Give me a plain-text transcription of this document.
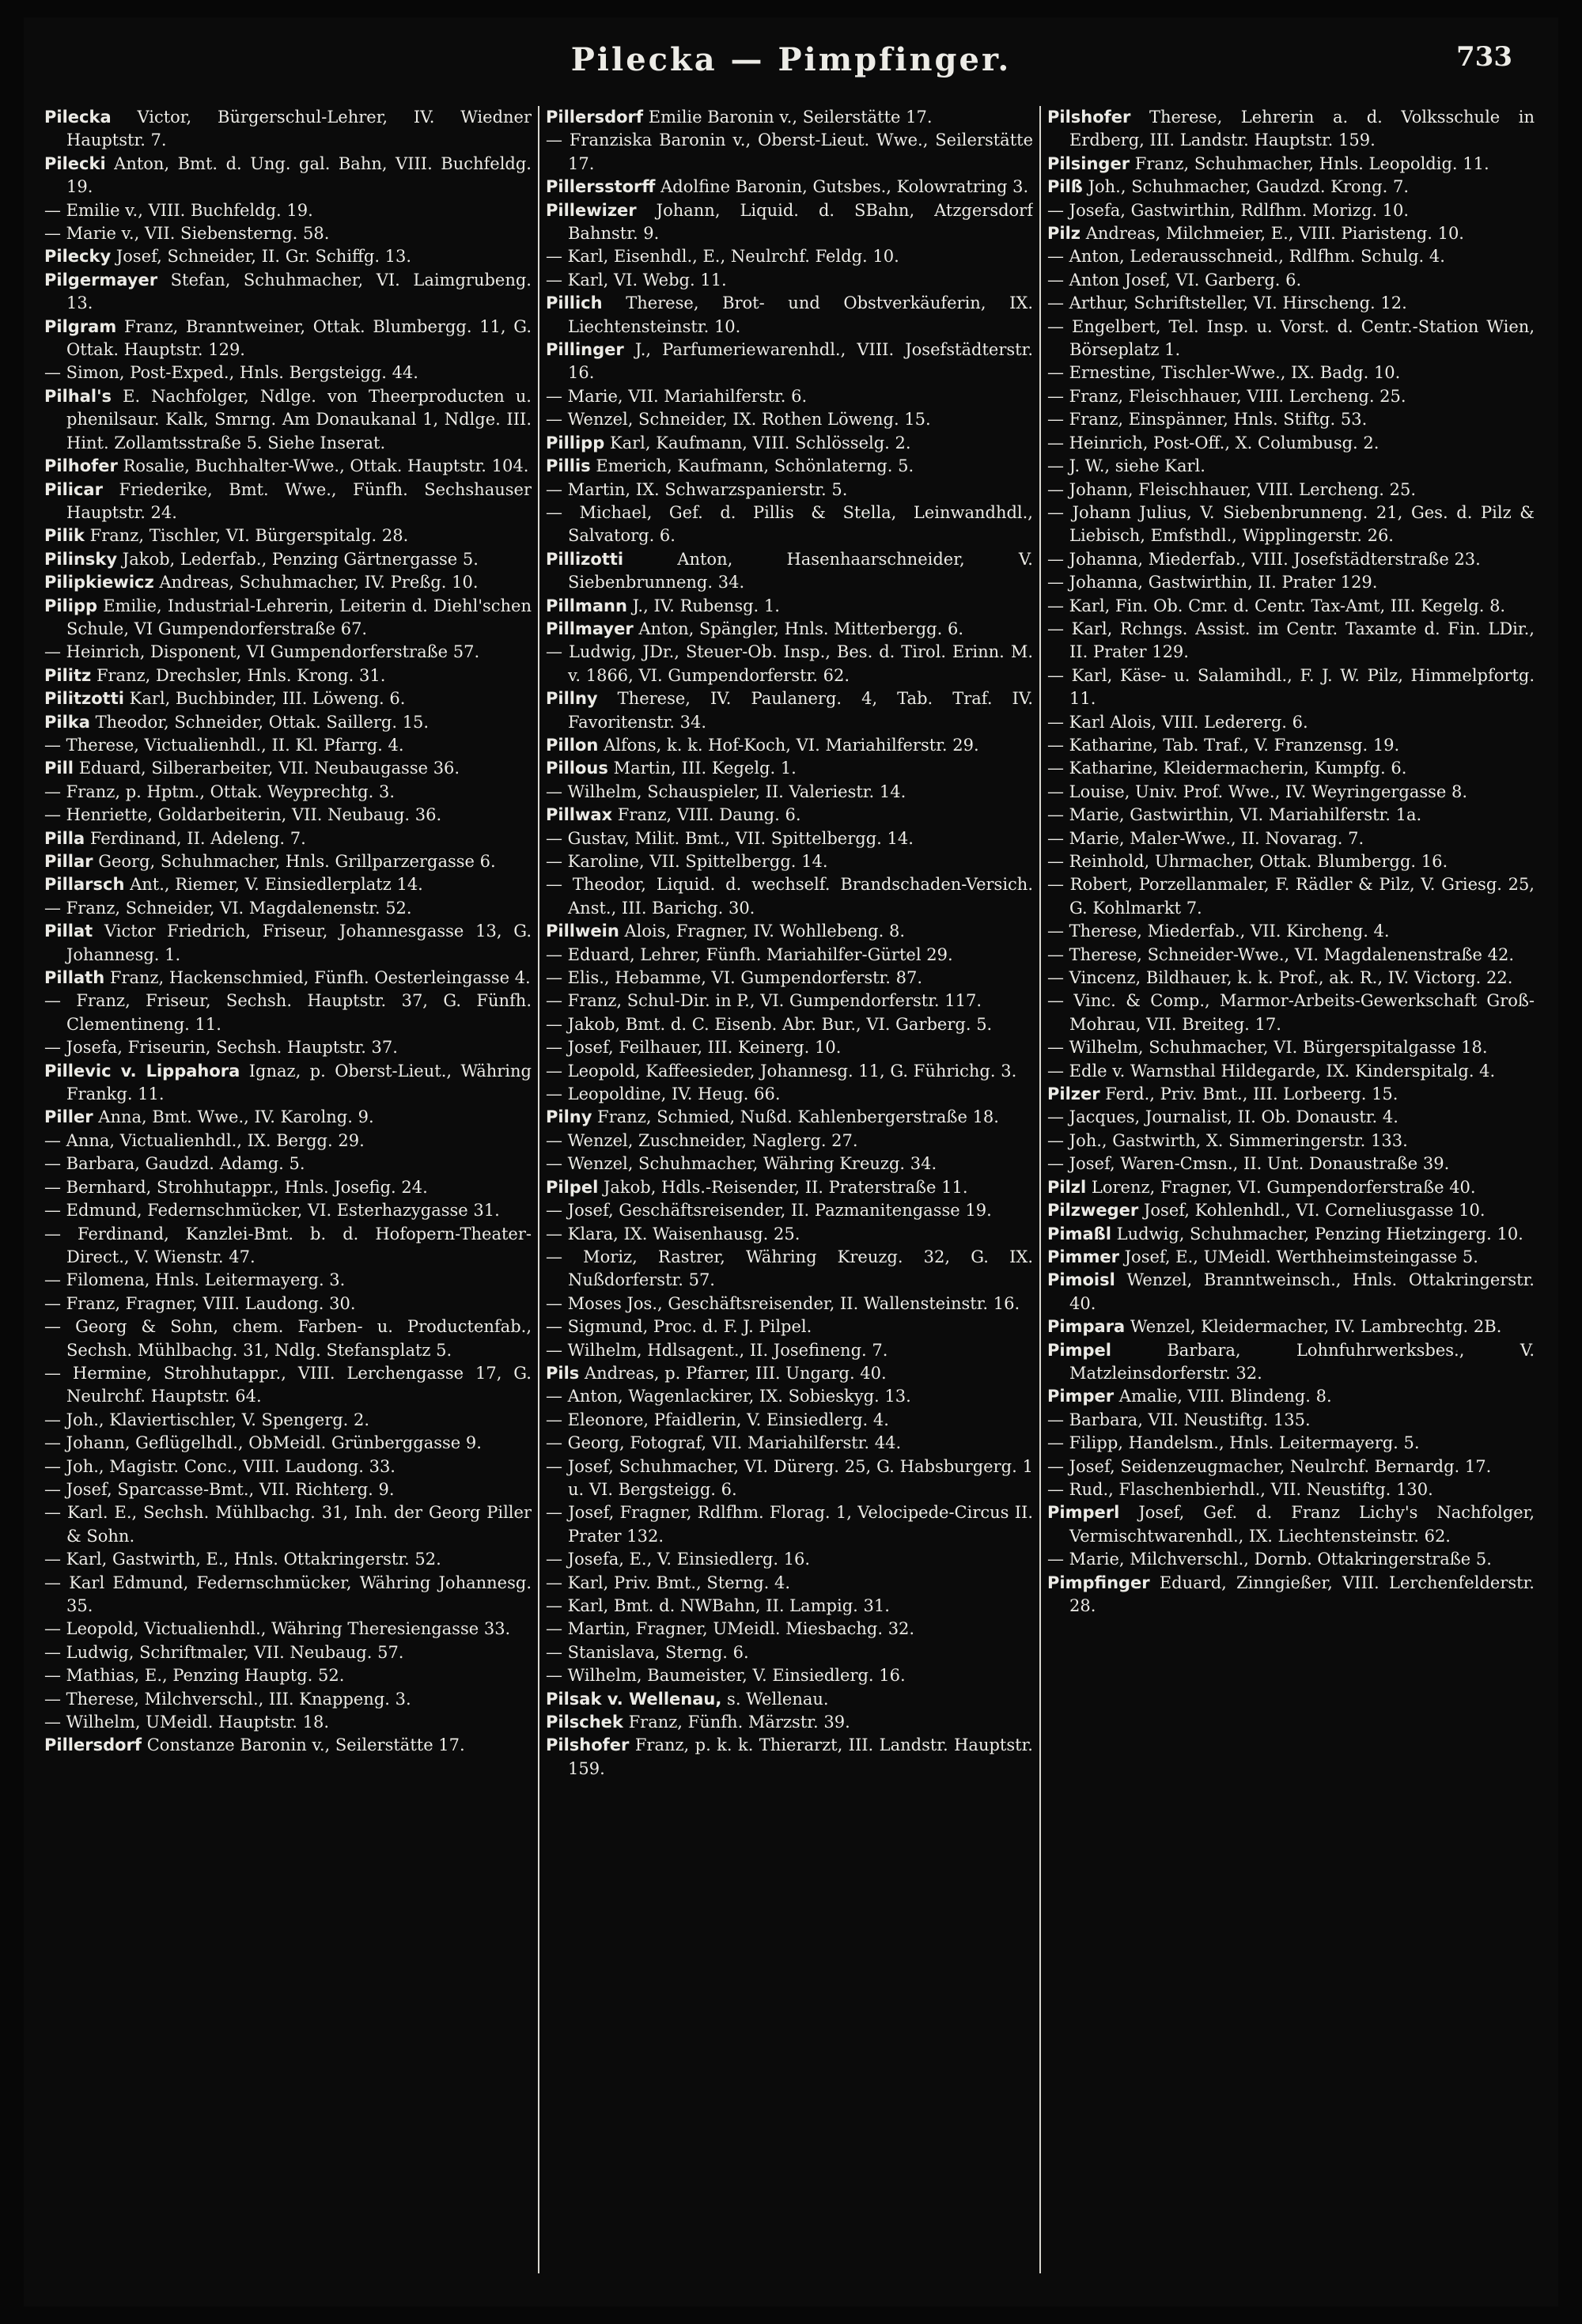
Pilecka — Pimpfinger.	733

Pilecka Victor, Bürgerschul-Lehrer, IV. Wiedner Hauptstr. 7.

Pilecki Anton, Bmt. d. Ung. gal. Bahn, VIII. Buchfeldg. 19.

— Emilie v., VIII. Buchfeldg. 19.

— Marie v., VII. Siebensterng. 58.

Pilecky Josef, Schneider, II. Gr. Schiffg. 13.

Pilgermayer Stefan, Schuhmacher, VI. Laimgrubeng. 13.

Pilgram Franz, Branntweiner, Ottak. Blumbergg. 11, G. Ottak. Hauptstr. 129.

— Simon, Post-Exped., Hnls. Bergsteigg. 44.

Pilhal's E. Nachfolger, Ndlge. von Theerproducten u. phenilsaur. Kalk, Smrng. Am Donaukanal 1, Ndlge. III. Hint. Zollamtsstraße 5. Siehe Inserat.

Pilhofer Rosalie, Buchhalter-Wwe., Ottak. Hauptstr. 104.

Pilicar Friederike, Bmt. Wwe., Fünfh. Sechshauser Hauptstr. 24.

Pilik Franz, Tischler, VI. Bürgerspitalg. 28.

Pilinsky Jakob, Lederfab., Penzing Gärtnergasse 5.

Pilipkiewicz Andreas, Schuhmacher, IV. Preßg. 10.

Pilipp Emilie, Industrial-Lehrerin, Leiterin d. Diehl'schen Schule, VI Gumpendorferstraße 67.

— Heinrich, Disponent, VI Gumpendorferstraße 57.

Pilitz Franz, Drechsler, Hnls. Krong. 31.

Pilitzotti Karl, Buchbinder, III. Löweng. 6.

Pilka Theodor, Schneider, Ottak. Saillerg. 15.

— Therese, Victualienhdl., II. Kl. Pfarrg. 4.

Pill Eduard, Silberarbeiter, VII. Neubaugasse 36.

— Franz, p. Hptm., Ottak. Weyprechtg. 3.

— Henriette, Goldarbeiterin, VII. Neubaug. 36.

Pilla Ferdinand, II. Adeleng. 7.

Pillar Georg, Schuhmacher, Hnls. Grillparzergasse 6.

Pillarsch Ant., Riemer, V. Einsiedlerplatz 14.

— Franz, Schneider, VI. Magdalenenstr. 52.

Pillat Victor Friedrich, Friseur, Johannesgasse 13, G. Johannesg. 1.

Pillath Franz, Hackenschmied, Fünfh. Oesterleingasse 4.

— Franz, Friseur, Sechsh. Hauptstr. 37, G. Fünfh. Clementineng. 11.

— Josefa, Friseurin, Sechsh. Hauptstr. 37.

Pillevic v. Lippahora Ignaz, p. Oberst-Lieut., Währing Frankg. 11.

Piller Anna, Bmt. Wwe., IV. Karolng. 9.

— Anna, Victualienhdl., IX. Bergg. 29.

— Barbara, Gaudzd. Adamg. 5.

— Bernhard, Strohhutappr., Hnls. Josefig. 24.

— Edmund, Federnschmücker, VI. Esterhazygasse 31.

— Ferdinand, Kanzlei-Bmt. b. d. Hofopern-Theater-Direct., V. Wienstr. 47.

— Filomena, Hnls. Leitermayerg. 3.

— Franz, Fragner, VIII. Laudong. 30.

— Georg & Sohn, chem. Farben- u. Productenfab., Sechsh. Mühlbachg. 31, Ndlg. Stefansplatz 5.

— Hermine, Strohhutappr., VIII. Lerchengasse 17, G. Neulrchf. Hauptstr. 64.

— Joh., Klaviertischler, V. Spengerg. 2.

— Johann, Geflügelhdl., ObMeidl. Grünberggasse 9.

— Joh., Magistr. Conc., VIII. Laudong. 33.

— Josef, Sparcasse-Bmt., VII. Richterg. 9.

— Karl. E., Sechsh. Mühlbachg. 31, Inh. der Georg Piller & Sohn.

— Karl, Gastwirth, E., Hnls. Ottakringerstr. 52.

— Karl Edmund, Federnschmücker, Währing Johannesg. 35.

— Leopold, Victualienhdl., Währing Theresiengasse 33.

— Ludwig, Schriftmaler, VII. Neubaug. 57.

— Mathias, E., Penzing Hauptg. 52.

— Therese, Milchverschl., III. Knappeng. 3.

— Wilhelm, UMeidl. Hauptstr. 18.

Pillersdorf Constanze Baronin v., Seilerstätte 17.

Pillersdorf Emilie Baronin v., Seilerstätte 17.

— Franziska Baronin v., Oberst-Lieut. Wwe., Seilerstätte 17.

Pillersstorff Adolfine Baronin, Gutsbes., Kolowratring 3.

Pillewizer Johann, Liquid. d. SBahn, Atzgersdorf Bahnstr. 9.

— Karl, Eisenhdl., E., Neulrchf. Feldg. 10.

— Karl, VI. Webg. 11.

Pillich Therese, Brot- und Obstverkäuferin, IX. Liechtensteinstr. 10.

Pillinger J., Parfumeriewarenhdl., VIII. Josefstädterstr. 16.

— Marie, VII. Mariahilferstr. 6.

— Wenzel, Schneider, IX. Rothen Löweng. 15.

Pillipp Karl, Kaufmann, VIII. Schlösselg. 2.

Pillis Emerich, Kaufmann, Schönlaterng. 5.

— Martin, IX. Schwarzspanierstr. 5.

— Michael, Gef. d. Pillis & Stella, Leinwandhdl., Salvatorg. 6.

Pillizotti	Anton, Hasenhaarschneider, V. Siebenbrunneng. 34.

Pillmann J., IV. Rubensg. 1.

Pillmayer Anton, Spängler, Hnls. Mitterbergg. 6.

— Ludwig, JDr., Steuer-Ob. Insp., Bes. d. Tirol. Erinn. M. v. 1866, VI. Gumpendorferstr. 62.

Pillny Therese, IV. Paulanerg. 4, Tab. Traf. IV. Favoritenstr. 34.

Pillon Alfons, k. k. Hof-Koch, VI. Mariahilferstr. 29.

Pillous Martin, III. Kegelg. 1.

— Wilhelm, Schauspieler, II. Valeriestr. 14.

Pillwax Franz, VIII. Daung. 6.

— Gustav, Milit. Bmt., VII. Spittelbergg. 14.

— Karoline, VII. Spittelbergg. 14.

— Theodor, Liquid. d. wechself. Brandschaden-Versich. Anst., III. Barichg. 30.

Pillwein Alois, Fragner, IV. Wohllebeng. 8.

— Eduard, Lehrer, Fünfh. Mariahilfer-Gürtel 29.

— Elis., Hebamme, VI. Gumpendorferstr. 87.

— Franz, Schul-Dir. in P., VI. Gumpendorferstr. 117.

— Jakob, Bmt. d. C. Eisenb. Abr. Bur., VI. Garberg. 5.

— Josef, Feilhauer, III. Keinerg. 10.

— Leopold, Kaffeesieder, Johannesg. 11, G. Führichg. 3.

— Leopoldine, IV. Heug. 66.

Pilny Franz, Schmied, Nußd. Kahlenbergerstraße 18.

— Wenzel, Zuschneider, Naglerg. 27.

— Wenzel, Schuhmacher, Währing Kreuzg. 34.

Pilpel Jakob, Hdls.-Reisender, II. Praterstraße 11.

— Josef, Geschäftsreisender, II. Pazmanitengasse 19.

— Klara, IX. Waisenhausg. 25.

— Moriz, Rastrer, Währing Kreuzg. 32, G. IX. Nußdorferstr. 57.

— Moses Jos., Geschäftsreisender, II. Wallensteinstr. 16.

— Sigmund, Proc. d. F. J. Pilpel.

— Wilhelm, Hdlsagent., II. Josefineng. 7.

Pils Andreas, p. Pfarrer, III. Ungarg. 40.

— Anton, Wagenlackirer, IX. Sobieskyg. 13.

— Eleonore, Pfaidlerin, V. Einsiedlerg. 4.

— Georg, Fotograf, VII. Mariahilferstr. 44.

— Josef, Schuhmacher, VI. Dürerg. 25, G. Habsburgerg. 1 u. VI. Bergsteigg. 6.

— Josef, Fragner, Rdlfhm. Florag. 1, Velocipede-Circus II. Prater 132.

— Josefa, E., V. Einsiedlerg. 16.

— Karl, Priv. Bmt., Sterng. 4.

— Karl, Bmt. d. NWBahn, II. Lampig. 31.

— Martin, Fragner, UMeidl. Miesbachg. 32.

— Stanislava, Sterng. 6.

— Wilhelm, Baumeister, V. Einsiedlerg. 16.

Pilsak v. Wellenau, s. Wellenau.

Pilschek Franz, Fünfh. Märzstr. 39.

Pilshofer Franz, p. k. k. Thierarzt, III. Landstr. Hauptstr. 159.

Pilshofer Therese, Lehrerin a. d. Volksschule in Erdberg, III. Landstr. Hauptstr. 159.

Pilsinger Franz, Schuhmacher, Hnls. Leopoldig. 11.

Pilß Joh., Schuhmacher, Gaudzd. Krong. 7.

— Josefa, Gastwirthin, Rdlfhm. Morizg. 10.

Pilz Andreas, Milchmeier, E., VIII. Piaristeng. 10.

— Anton, Lederausschneid., Rdlfhm. Schulg. 4.

— Anton Josef, VI. Garberg. 6.

— Arthur, Schriftsteller, VI. Hirscheng. 12.

— Engelbert, Tel. Insp. u. Vorst. d. Centr.-Station Wien, Börseplatz 1.

— Ernestine, Tischler-Wwe., IX. Badg. 10.

— Franz, Fleischhauer, VIII. Lercheng. 25.

— Franz, Einspänner, Hnls. Stiftg. 53.

— Heinrich, Post-Off., X. Columbusg. 2.

— J. W., siehe Karl.

— Johann, Fleischhauer, VIII. Lercheng. 25.

— Johann Julius, V. Siebenbrunneng. 21, Ges. d. Pilz & Liebisch, Emfsthdl., Wipplingerstr. 26.

— Johanna, Miederfab., VIII. Josefstädterstraße 23.

— Johanna, Gastwirthin, II. Prater 129.

— Karl, Fin. Ob. Cmr. d. Centr. Tax-Amt, III. Kegelg. 8.

— Karl, Rchngs. Assist. im Centr. Taxamte d. Fin. LDir., II. Prater 129.

— Karl, Käse- u. Salamihdl., F. J. W. Pilz, Himmelpfortg. 11.

— Karl Alois, VIII. Ledererg. 6.

— Katharine, Tab. Traf., V. Franzensg. 19.

— Katharine, Kleidermacherin, Kumpfg. 6.

— Louise, Univ. Prof. Wwe., IV. Weyringergasse 8.

— Marie, Gastwirthin, VI. Mariahilferstr. 1a.

— Marie, Maler-Wwe., II. Novarag. 7.

— Reinhold, Uhrmacher, Ottak. Blumbergg. 16.

— Robert, Porzellanmaler, F. Rädler & Pilz, V. Griesg. 25, G. Kohlmarkt 7.

— Therese, Miederfab., VII. Kircheng. 4.

— Therese, Schneider-Wwe., VI. Magdalenenstraße 42.

— Vincenz, Bildhauer, k. k. Prof., ak. R., IV. Victorg. 22.

— Vinc. & Comp., Marmor-Arbeits-Gewerkschaft Groß-Mohrau, VII. Breiteg. 17.

— Wilhelm, Schuhmacher, VI. Bürgerspitalgasse 18.

— Edle v. Warnsthal Hildegarde, IX. Kinderspitalg. 4.

Pilzer Ferd., Priv. Bmt., III. Lorbeerg. 15.

— Jacques, Journalist, II. Ob. Donaustr. 4.

— Joh., Gastwirth, X. Simmeringerstr. 133.

— Josef, Waren-Cmsn., II. Unt. Donaustraße 39.

Pilzl Lorenz, Fragner, VI. Gumpendorferstraße 40.

Pilzweger Josef, Kohlenhdl., VI. Corneliusgasse 10.

Pimaßl Ludwig, Schuhmacher, Penzing Hietzingerg. 10.

Pimmer Josef, E., UMeidl. Werthheimsteingasse 5.

Pimoisl Wenzel, Branntweinsch., Hnls. Ottakringerstr. 40.

Pimpara Wenzel, Kleidermacher, IV. Lambrechtg. 2B.

Pimpel	Barbara, Lohnfuhrwerksbes., V. Matzleinsdorferstr. 32.

Pimper Amalie, VIII. Blindeng. 8.

— Barbara, VII. Neustiftg. 135.

— Filipp, Handelsm., Hnls. Leitermayerg. 5.

— Josef, Seidenzeugmacher, Neulrchf. Bernardg. 17.

— Rud., Flaschenbierhdl., VII. Neustiftg. 130.

Pimperl Josef, Gef. d. Franz Lichy's Nachfolger, Vermischtwarenhdl., IX. Liechtensteinstr. 62.

— Marie, Milchverschl., Dornb. Ottakringerstraße 5.

Pimpfinger Eduard, Zinngießer, VIII. Lerchenfelderstr. 28.
